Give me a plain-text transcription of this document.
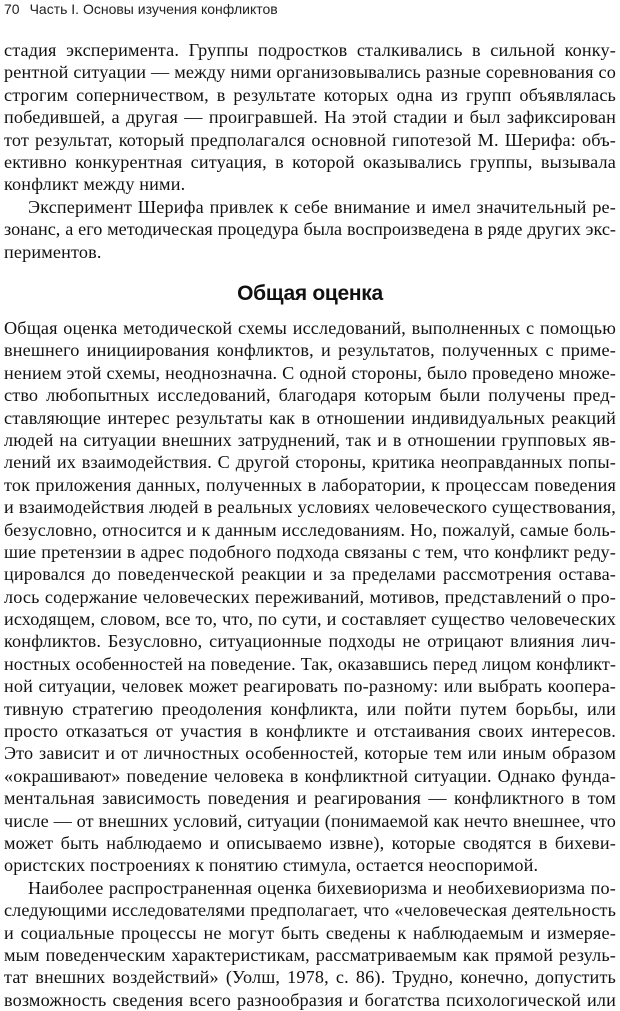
70 Часть I. Основы изучения конфликтов
стадия эксперимента. Группы подростков сталкивались в сильной конку-
рентной ситуации — между ними организовывались разные соревнования со
строгим соперничеством, в результате которых одна из групп объявлялась
победившей, а другая — проигравшей. На этой стадии и был зафиксирован
тот результат, который предполагался основной гипотезой М. Шерифа: объ-
ективно конкурентная ситуация, в которой оказывались группы, вызывала
конфликт между ними.
Эксперимент Шерифа привлек к себе внимание и имел значительный ре-
зонанс, а его методическая процедура была воспроизведена в ряде других экс-
периментов.
Общая оценка
Общая оценка методической схемы исследований, выполненных с помощью
внешнего инициирования конфликтов, и результатов, полученных с приме-
нением этой схемы, неоднозначна. С одной стороны, было проведено множе-
ство любопытных исследований, благодаря которым были получены пред-
ставляющие интерес результаты как в отношении индивидуальных реакций
людей на ситуации внешних затруднений, так и в отношении групповых яв-
лений их взаимодействия. С другой стороны, критика неоправданных попы-
ток приложения данных, полученных в лаборатории, к процессам поведения
и взаимодействия людей в реальных условиях человеческого существования,
безусловно, относится и к данным исследованиям. Но, пожалуй, самые боль-
шие претензии в адрес подобного подхода связаны с тем, что конфликт реду-
цировался до поведенческой реакции и за пределами рассмотрения остава-
лось содержание человеческих переживаний, мотивов, представлений о про-
исходящем, словом, все то, что, по сути, и составляет существо человеческих
конфликтов. Безусловно, ситуационные подходы не отрицают влияния лич-
ностных особенностей на поведение. Так, оказавшись перед лицом конфликт-
ной ситуации, человек может реагировать по-разному: или выбрать коопера-
тивную стратегию преодоления конфликта, или пойти путем борьбы, или
просто отказаться от участия в конфликте и отстаивания своих интересов.
Это зависит и от личностных особенностей, которые тем или иным образом
«окрашивают» поведение человека в конфликтной ситуации. Однако фунда-
ментальная зависимость поведения и реагирования — конфликтного в том
числе — от внешних условий, ситуации (понимаемой как нечто внешнее, что
может быть наблюдаемо и описываемо извне), которые сводятся в бихеви-
ористских построениях к понятию стимула, остается неоспоримой.
Наиболее распространенная оценка бихевиоризма и необихевиоризма по-
следующими исследователями предполагает, что «человеческая деятельность
и социальные процессы не могут быть сведены к наблюдаемым и измеряе-
мым поведенческим характеристикам, рассматриваемым как прямой резуль-
тат внешних воздействий» (Уолш, 1978, с. 86). Трудно, конечно, допустить
возможность сведения всего разнообразия и богатства психологической или
